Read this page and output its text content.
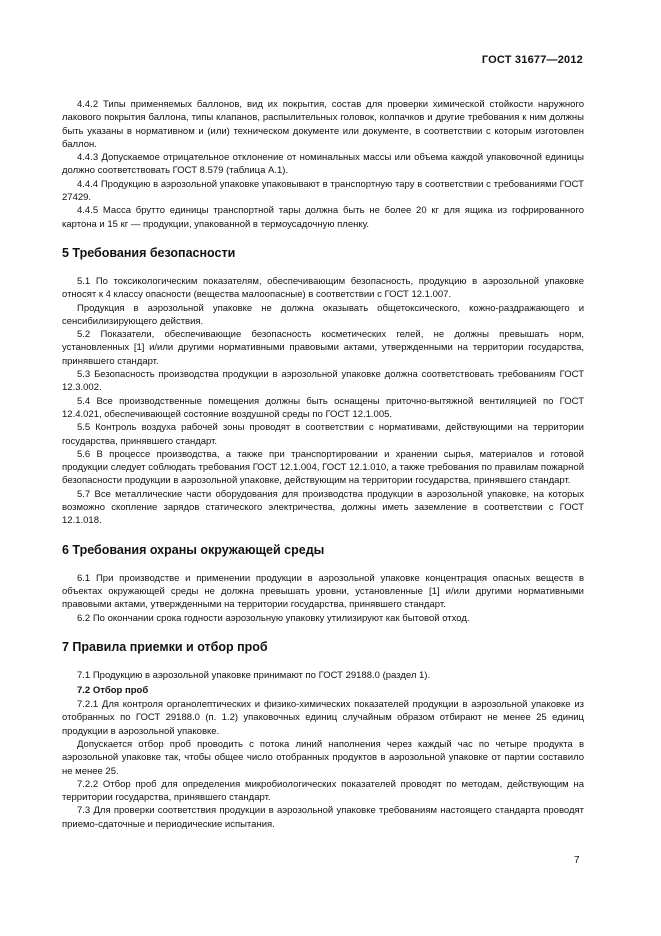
ГОСТ 31677—2012

4.4.2 Типы применяемых баллонов, вид их покрытия, состав для проверки химической стойкости наружного лакового покрытия баллона, типы клапанов, распылительных головок, колпачков и другие требования к ним должны быть указаны в нормативном и (или) техническом документе или документе, в соответствии с которым изготовлен баллон.

4.4.3 Допускаемое отрицательное отклонение от номинальных массы или объема каждой упаковочной единицы должно соответствовать ГОСТ 8.579 (таблица А.1).

4.4.4 Продукцию в аэрозольной упаковке упаковывают в транспортную тару в соответствии с требованиями ГОСТ 27429.

4.4.5 Масса брутто единицы транспортной тары должна быть не более 20 кг для ящика из гофрированного картона и 15 кг — продукции, упакованной в термоусадочную пленку.

5 Требования безопасности

5.1 По токсикологическим показателям, обеспечивающим безопасность, продукцию в аэрозольной упаковке относят к 4 классу опасности (вещества малоопасные) в соответствии с ГОСТ 12.1.007.

Продукция в аэрозольной упаковке не должна оказывать общетоксического, кожно-раздражающего и сенсибилизирующего действия.

5.2 Показатели, обеспечивающие безопасность косметических гелей, не должны превышать норм, установленных [1] и/или другими нормативными правовыми актами, утвержденными на территории государства, принявшего стандарт.

5.3 Безопасность производства продукции в аэрозольной упаковке должна соответствовать требованиям ГОСТ 12.3.002.

5.4 Все производственные помещения должны быть оснащены приточно-вытяжной вентиляцией по ГОСТ 12.4.021, обеспечивающей состояние воздушной среды по ГОСТ 12.1.005.

5.5 Контроль воздуха рабочей зоны проводят в соответствии с нормативами, действующими на территории государства, принявшего стандарт.

5.6 В процессе производства, а также при транспортировании и хранении сырья, материалов и готовой продукции следует соблюдать требования ГОСТ 12.1.004, ГОСТ 12.1.010, а также требования по правилам пожарной безопасности продукции в аэрозольной упаковке, действующим на территории государства, принявшего стандарт.

5.7 Все металлические части оборудования для производства продукции в аэрозольной упаковке, на которых возможно скопление зарядов статического электричества, должны иметь заземление в соответствии с ГОСТ 12.1.018.

6 Требования охраны окружающей среды

6.1 При производстве и применении продукции в аэрозольной упаковке концентрация опасных веществ в объектах окружающей среды не должна превышать уровни, установленные [1] и/или другими нормативными правовыми актами, утвержденными на территории государства, принявшего стандарт.

6.2 По окончании срока годности аэрозольную упаковку утилизируют как бытовой отход.

7 Правила приемки и отбор проб

7.1 Продукцию в аэрозольной упаковке принимают по ГОСТ 29188.0 (раздел 1).

7.2 Отбор проб

7.2.1 Для контроля органолептических и физико-химических показателей продукции в аэрозольной упаковке из отобранных по ГОСТ 29188.0 (п. 1.2) упаковочных единиц случайным образом отбирают не менее 25 единиц продукции в аэрозольной упаковке.

Допускается отбор проб проводить с потока линий наполнения через каждый час по четыре продукта в аэрозольной упаковке так, чтобы общее число отобранных продуктов в аэрозольной упаковке от партии составило не менее 25.

7.2.2 Отбор проб для определения микробиологических показателей проводят по методам, действующим на территории государства, принявшего стандарт.

7.3 Для проверки соответствия продукции в аэрозольной упаковке требованиям настоящего стандарта проводят приемо-сдаточные и периодические испытания.

7
